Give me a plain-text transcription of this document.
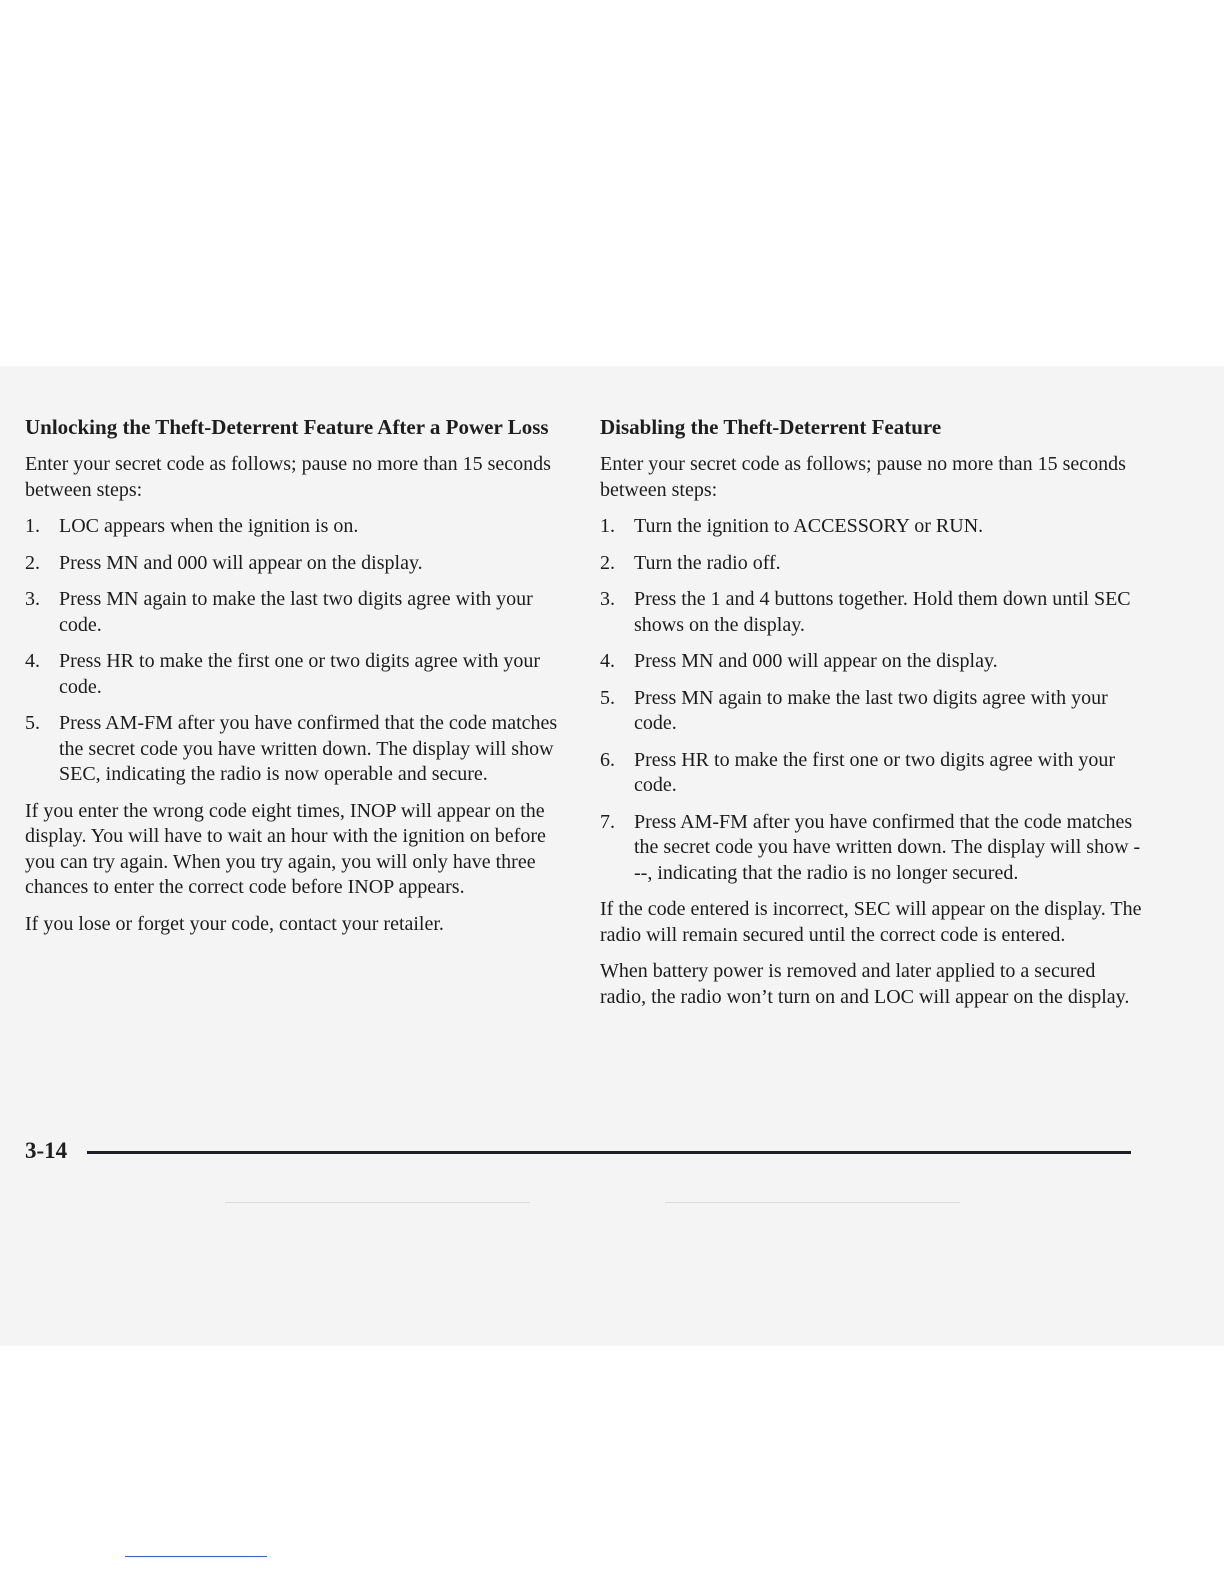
Unlocking the Theft-Deterrent Feature After a Power Loss

Enter your secret code as follows; pause no more than 15 seconds between steps:

1. LOC appears when the ignition is on.
2. Press MN and 000 will appear on the display.
3. Press MN again to make the last two digits agree with your code.
4. Press HR to make the first one or two digits agree with your code.
5. Press AM-FM after you have confirmed that the code matches the secret code you have written down. The display will show SEC, indicating the radio is now operable and secure.

If you enter the wrong code eight times, INOP will appear on the display. You will have to wait an hour with the ignition on before you can try again. When you try again, you will only have three chances to enter the correct code before INOP appears.

If you lose or forget your code, contact your retailer.

Disabling the Theft-Deterrent Feature

Enter your secret code as follows; pause no more than 15 seconds between steps:

1. Turn the ignition to ACCESSORY or RUN.
2. Turn the radio off.
3. Press the 1 and 4 buttons together. Hold them down until SEC shows on the display.
4. Press MN and 000 will appear on the display.
5. Press MN again to make the last two digits agree with your code.
6. Press HR to make the first one or two digits agree with your code.
7. Press AM-FM after you have confirmed that the code matches the secret code you have written down. The display will show ---, indicating that the radio is no longer secured.

If the code entered is incorrect, SEC will appear on the display. The radio will remain secured until the correct code is entered.

When battery power is removed and later applied to a secured radio, the radio won’t turn on and LOC will appear on the display.

3-14
